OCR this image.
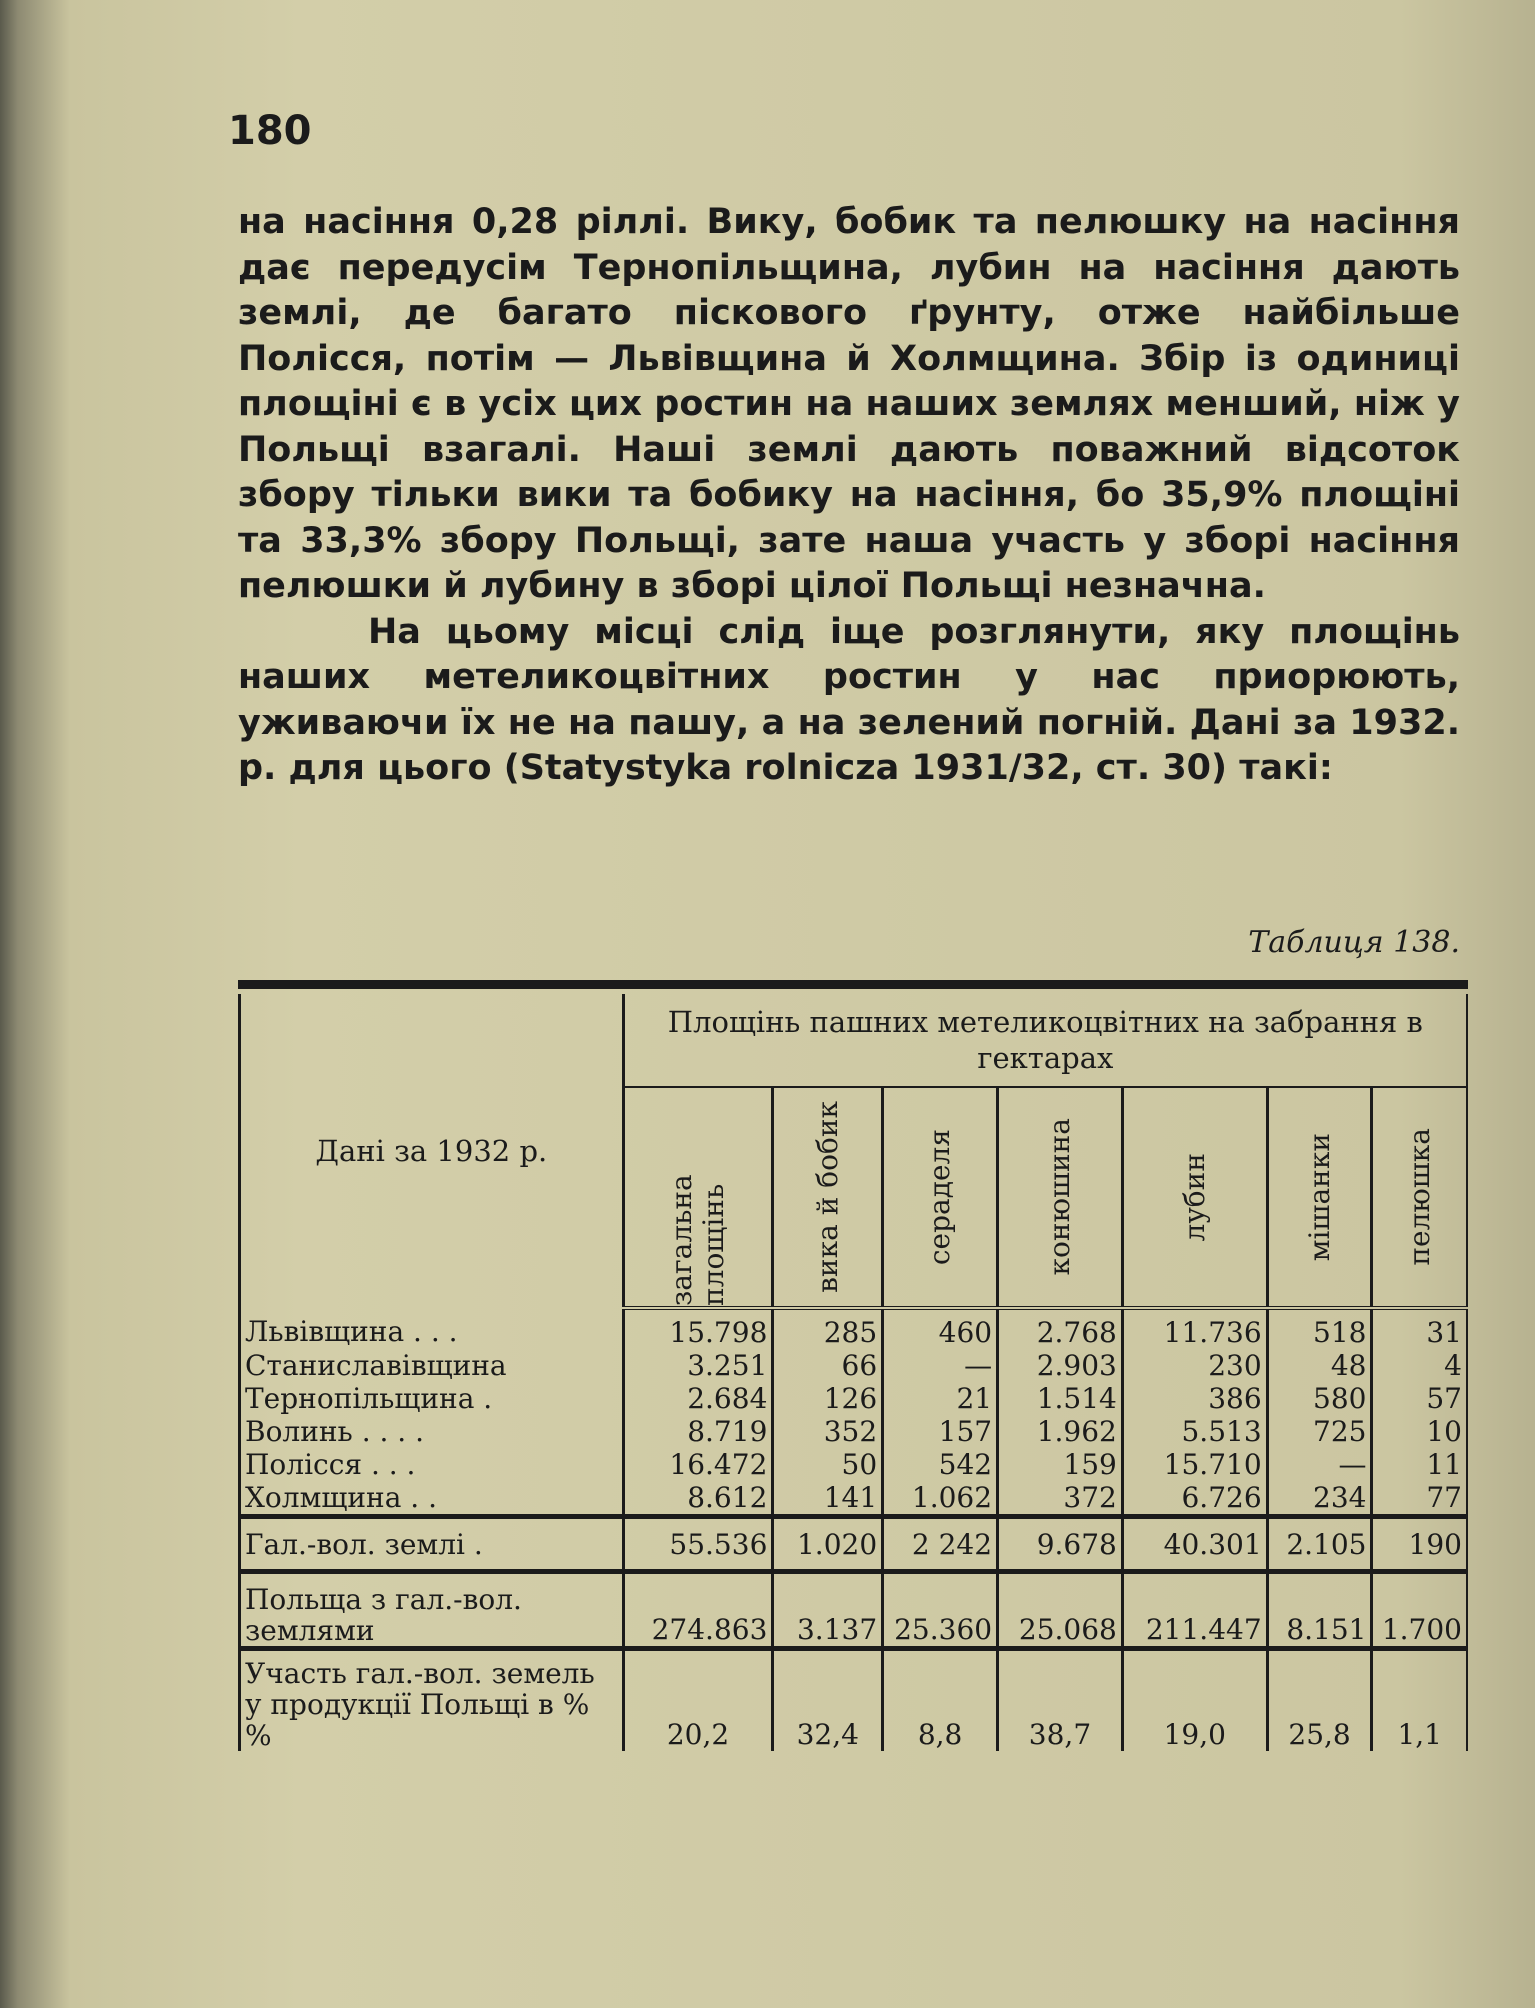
180

на насіння 0,28 ріллі. Вику, бобик та пелюшку на насіння дає передусім Тернопільщина, лубин на насіння дають землі, де багато піскового ґрунту, отже найбільше Полісся, потім — Львівщина й Холмщина. Збір із одиниці площіні є в усіх цих ростин на наших землях менший, ніж у Польщі взагалі. Наші землі дають поважний відсоток збору тільки вики та бобику на насіння, бо 35,9% площіні та 33,3% збору Польщі, зате наша участь у зборі насіння пелюшки й лубину в зборі цілої Польщі незначна.

На цьому місці слід іще розглянути, яку площінь наших метеликоцвітних ростин у нас приорюють, уживаючи їх не на пашу, а на зелений погній. Дані за 1932. р. для цього (Statystyka rolnicza 1931/32, ст. 30) такі:

Таблиця 138.
Дані за 1932 р.	Площінь пашних метеликоцвітних на забрання в гектарах						

	загальна площінь	вика й бобик	сераделя	конюшина	лубин	мішанки	пелюшка

Львівщина . . .	15.798	285	460	2.768	11.736	518	31
Станиславівщина	3.251	66	—	2.903	230	48	4
Тернопільщина .	2.684	126	21	1.514	386	580	57
Волинь . . . .	8.719	352	157	1.962	5.513	725	10
Полісся . . .	16.472	50	542	159	15.710	—	11
Холмщина . .	8.612	141	1.062	372	6.726	234	77
Гал.-вол. землі .	55.536	1.020	2 242	9.678	40.301	2.105	190
Польща з гал.-вол. землями	274.863	3.137	25.360	25.068	211.447	8.151	1.700
Участь гал.-вол. земель у продукції Польщі в % %	20,2	32,4	8,8	38,7	19,0	25,8	1,1
